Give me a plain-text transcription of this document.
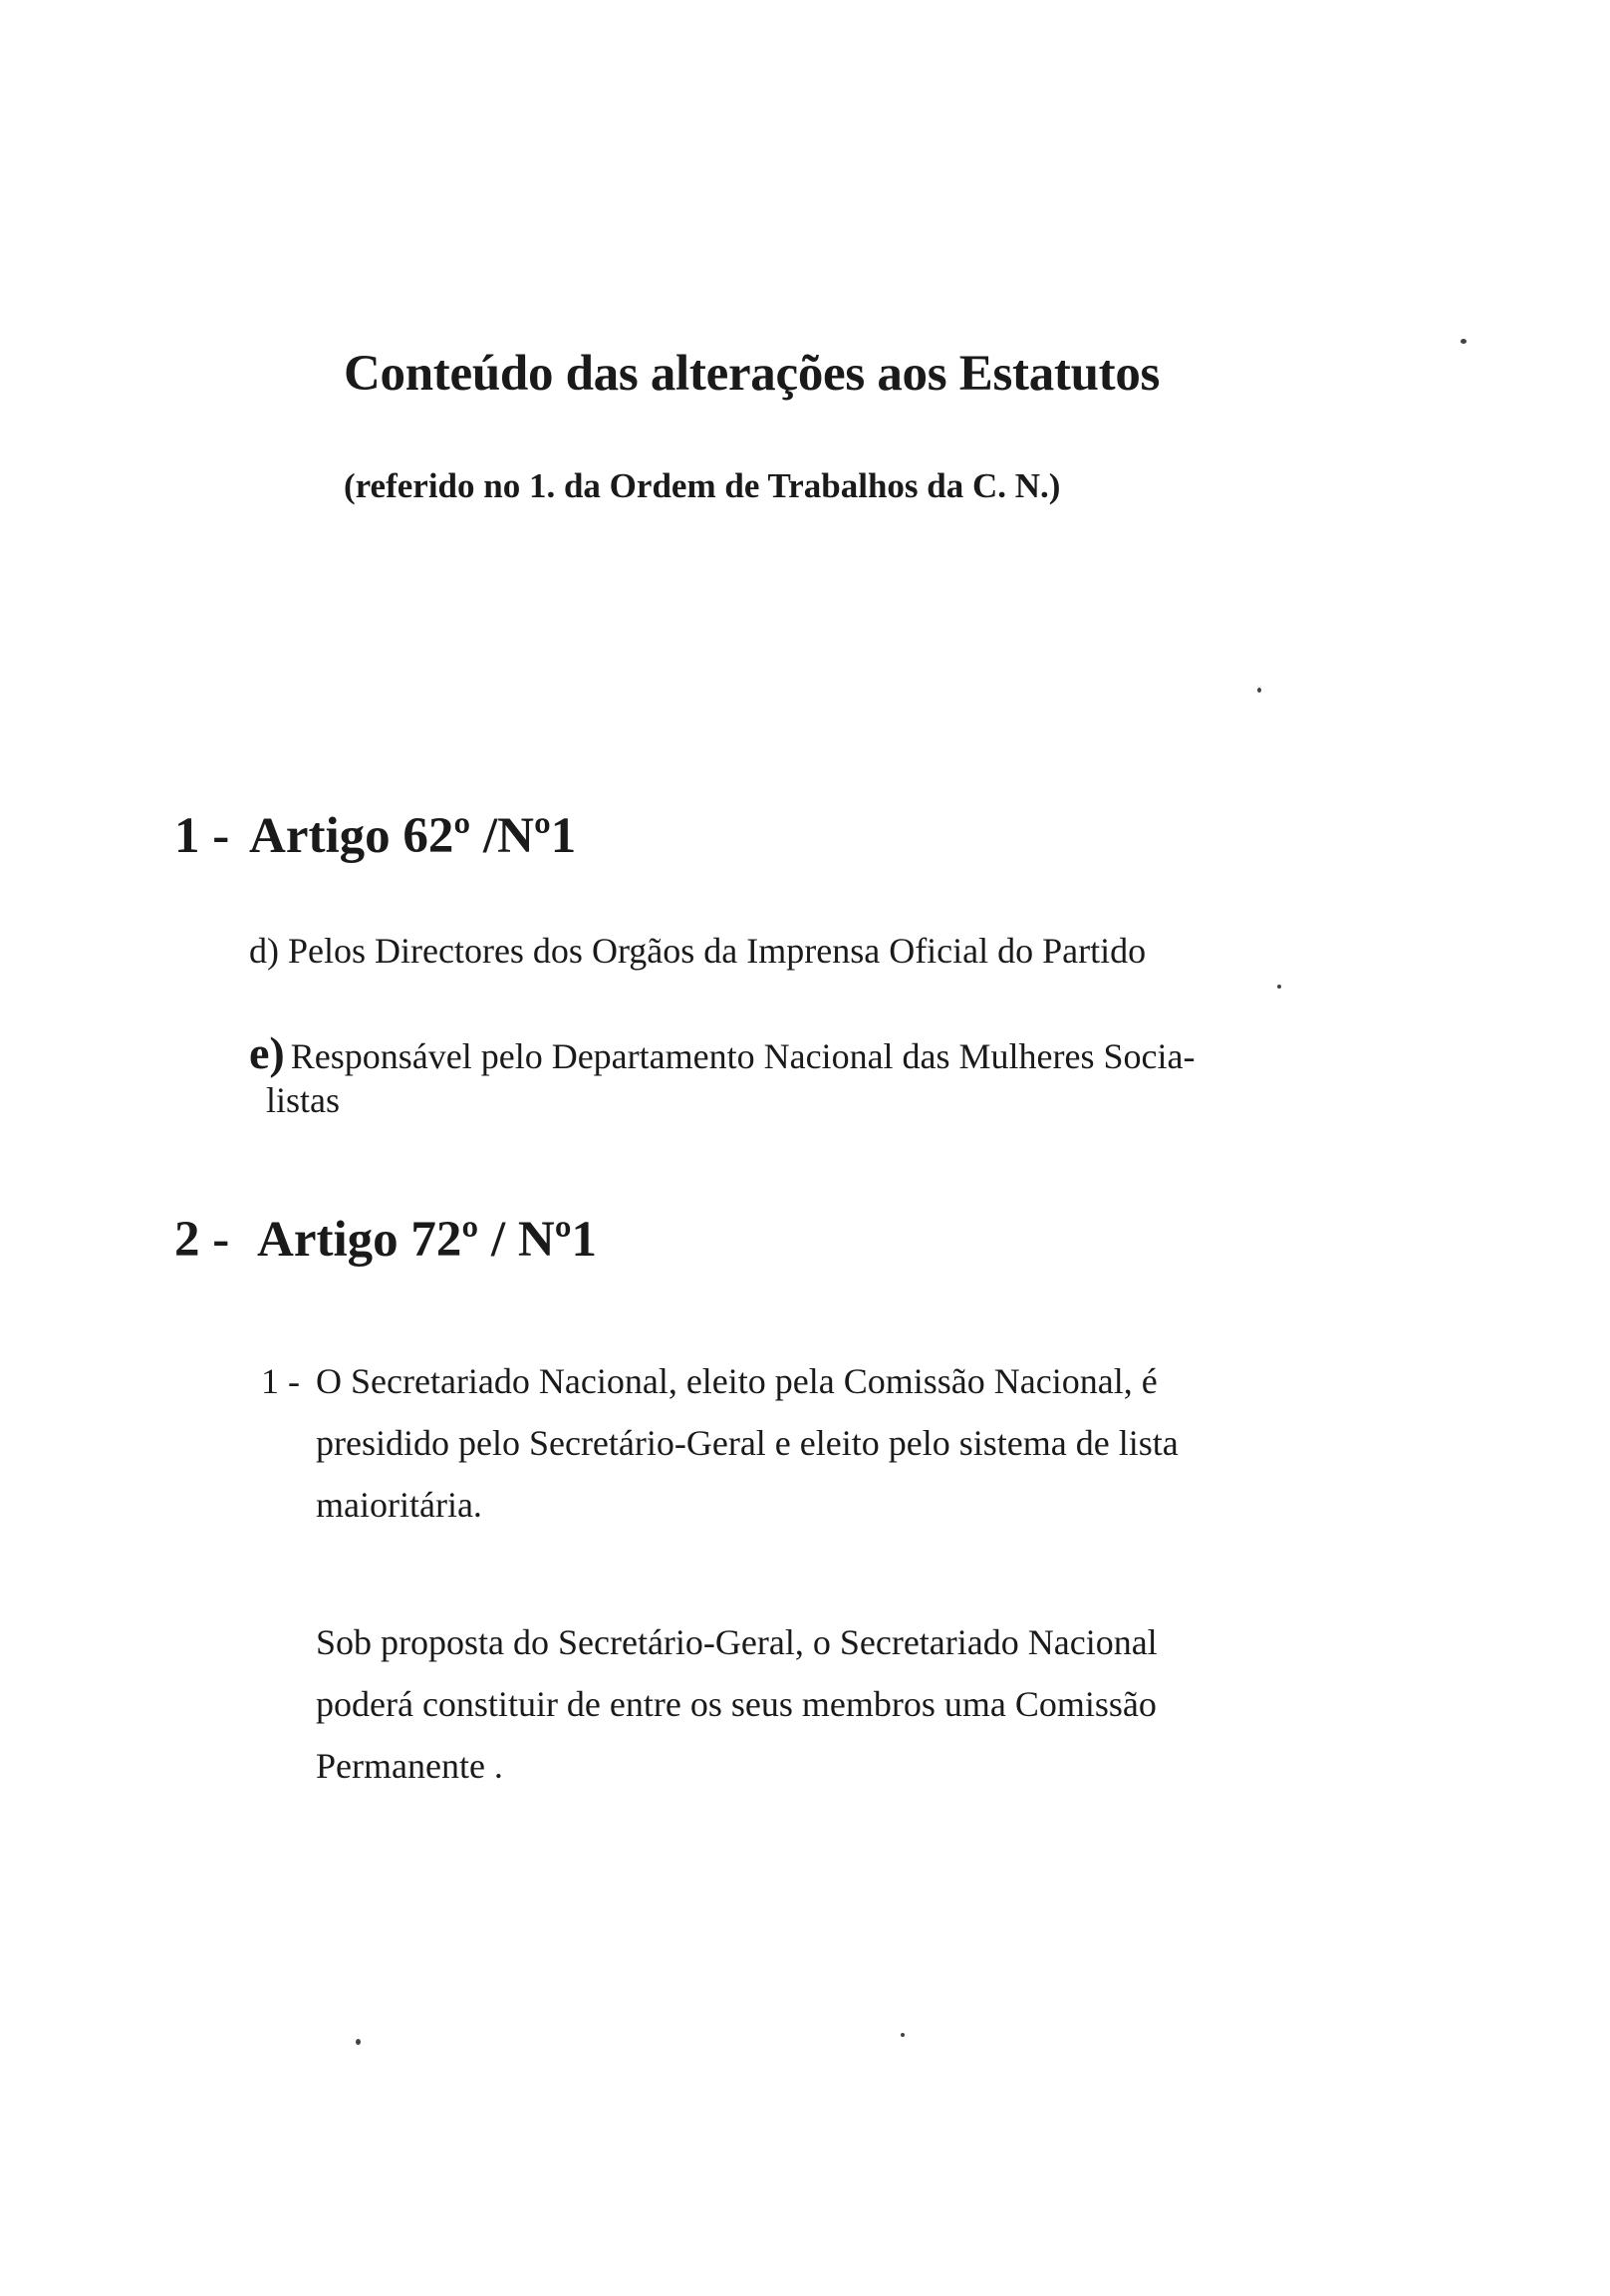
Conteúdo das alterações aos Estatutos
(referido no 1. da Ordem de Trabalhos da C. N.)
1 - Artigo 62º /Nº1
d) Pelos Directores dos Orgãos da Imprensa Oficial do Partido
e) Responsável pelo Departamento Nacional das Mulheres Socia-
listas
2 - Artigo 72º / Nº1
1 - O Secretariado Nacional, eleito pela Comissão Nacional, é
presidido pelo Secretário-Geral e eleito pelo sistema de lista
maioritária.
Sob proposta do Secretário-Geral, o Secretariado Nacional
poderá constituir de entre os seus membros uma Comissão
Permanente .
